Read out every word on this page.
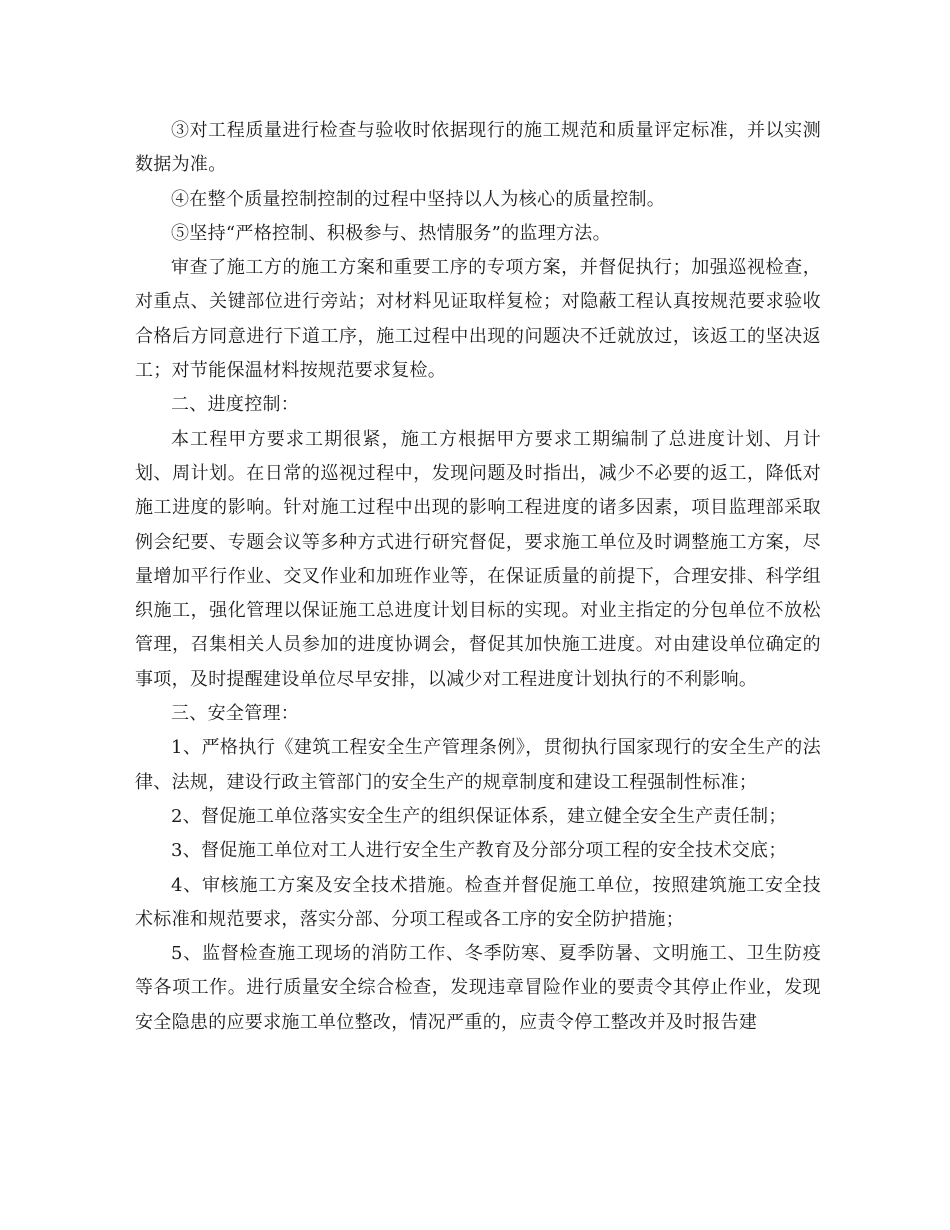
③对工程质量进行检查与验收时依据现行的施工规范和质量评定标准，并以实测数据为准。

④在整个质量控制控制的过程中坚持以人为核心的质量控制。

⑤坚持“严格控制、积极参与、热情服务”的监理方法。

审查了施工方的施工方案和重要工序的专项方案，并督促执行；加强巡视检查，对重点、关键部位进行旁站；对材料见证取样复检；对隐蔽工程认真按规范要求验收合格后方同意进行下道工序，施工过程中出现的问题决不迁就放过，该返工的坚决返工；对节能保温材料按规范要求复检。

二、进度控制：

本工程甲方要求工期很紧，施工方根据甲方要求工期编制了总进度计划、月计划、周计划。在日常的巡视过程中，发现问题及时指出，减少不必要的返工，降低对施工进度的影响。针对施工过程中出现的影响工程进度的诸多因素，项目监理部采取例会纪要、专题会议等多种方式进行研究督促，要求施工单位及时调整施工方案，尽量增加平行作业、交叉作业和加班作业等，在保证质量的前提下，合理安排、科学组织施工，强化管理以保证施工总进度计划目标的实现。对业主指定的分包单位不放松管理，召集相关人员参加的进度协调会，督促其加快施工进度。对由建设单位确定的事项，及时提醒建设单位尽早安排，以减少对工程进度计划执行的不利影响。

三、安全管理：

1、严格执行《建筑工程安全生产管理条例》，贯彻执行国家现行的安全生产的法律、法规，建设行政主管部门的安全生产的规章制度和建设工程强制性标准；

2、督促施工单位落实安全生产的组织保证体系，建立健全安全生产责任制；

3、督促施工单位对工人进行安全生产教育及分部分项工程的安全技术交底；

4、审核施工方案及安全技术措施。检查并督促施工单位，按照建筑施工安全技术标准和规范要求，落实分部、分项工程或各工序的安全防护措施；

5、监督检查施工现场的消防工作、冬季防寒、夏季防暑、文明施工、卫生防疫等各项工作。进行质量安全综合检查，发现违章冒险作业的要责令其停止作业，发现安全隐患的应要求施工单位整改，情况严重的，应责令停工整改并及时报告建
